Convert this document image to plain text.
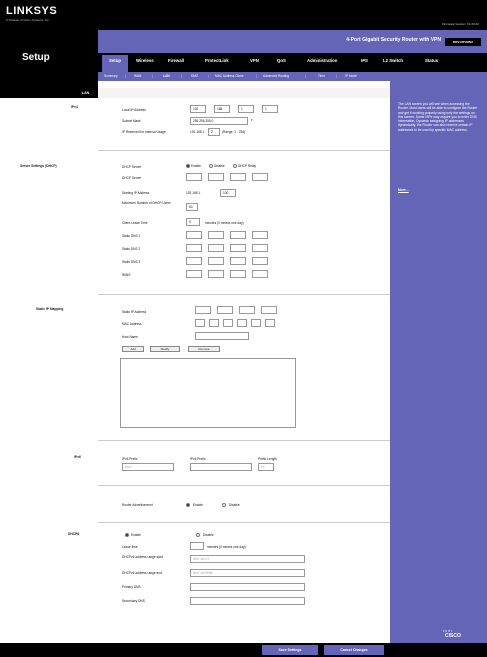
LINKSYS
A Division of Cisco Systems, Inc.
Firmware Version: V1.00.02
Setup
4-Port Gigabit Security Router with VPN	RRV140VMNU
Setup	Wireless	Firewall	ProtectLink	VPN	QoS	Administration	IPS	L2 Switch	Status
Summary |	WAN	|	LAN	|	DMZ	| MAC Address Clone	| Advanced Routing	|	Time	|	IP Mode
LAN
The LAN screen you will see when accessing the Router. Most users will be able to configure the Router and get it working properly using only the settings on this screen. Some ISPs may require you to enter DNS information. Dynamic assigning IP addresses dynamically; the Router can also reserve certain IP addresses to be used by specific MAC address.
More...
IPv4
Server Settings (DHCP)
Static IP Mapping
IPv6
DHCP6
Local IP Address	192	168	1	1
Subnet Mask	255.255.255.0	▾
IP Reserved for Internal Usage	192.168.1.	2	(Range: 1 - 254)
DHCP Server	Enable	Disable	DHCP Relay
DHCP Server
Starting IP Address	192.168.1.	100
Maximum Number of DHCP Users
50
Client Lease Time	0	minutes (0 means one day)
Static DNS 1
Static DNS 2
Static DNS 3
WINS
Static IP Address
MAC Address
Host Name
Add	Modify	Remove
IPv6 Prefix
fec0::
IPv6 Prefix	Prefix Length
64
Router Advertisement	Enable	Disable
Enable	Disable
Lease time	minutes (0 means one day)
DHCPv6 address range start	fec0::ae:0:1
DHCPv6 address range end	fec0::ae:fff:fffe
Primary DNS
Secondary DNS
Save Settings	Cancel Changes
ılıılı
CISCO
